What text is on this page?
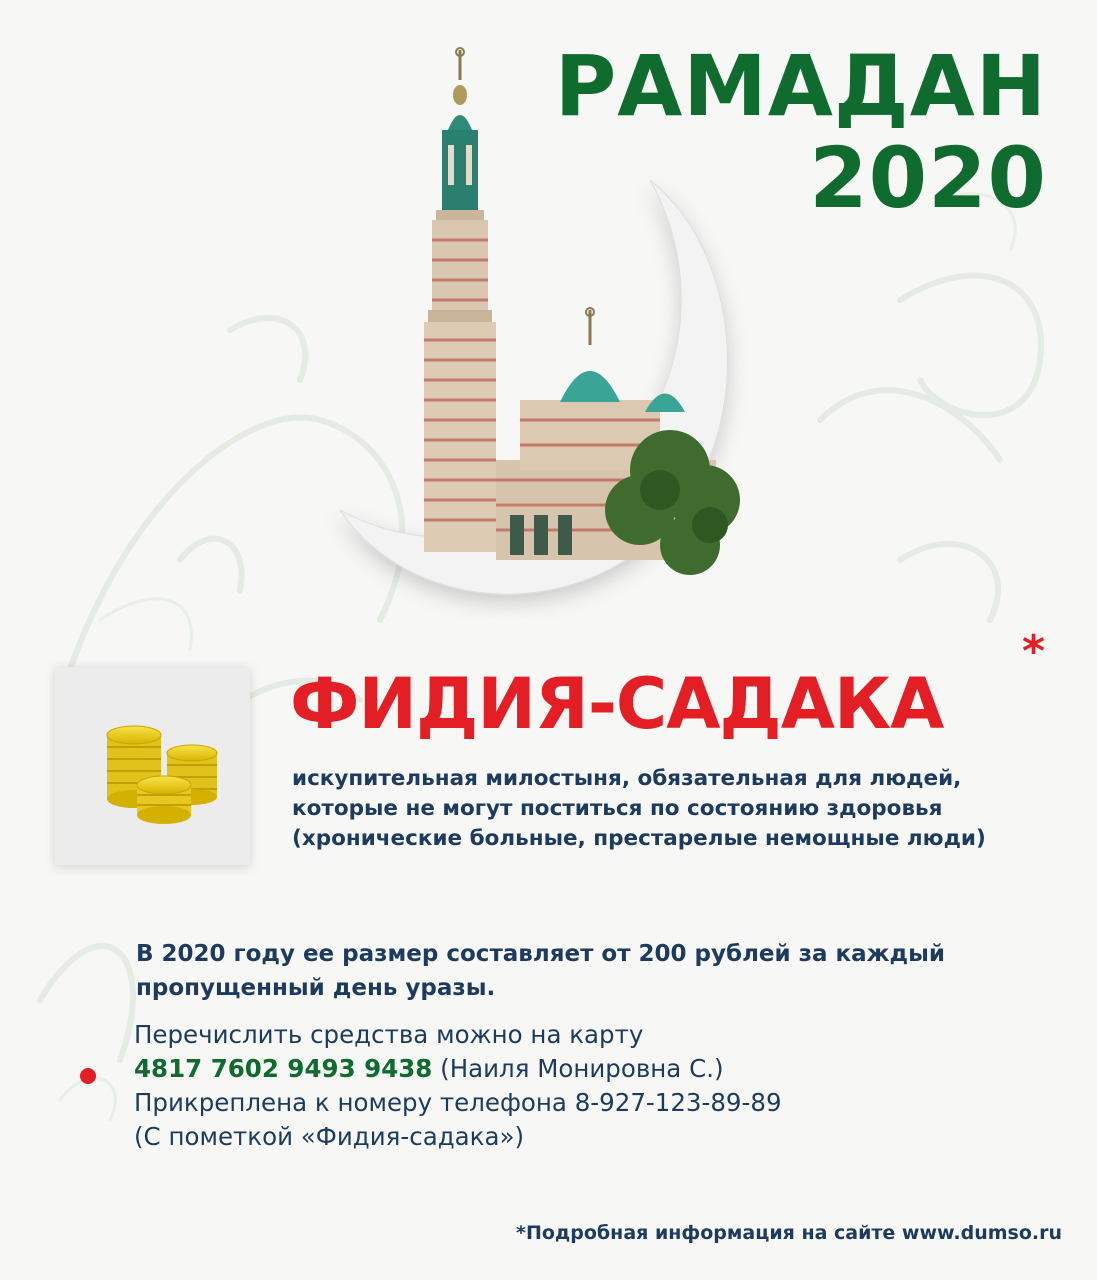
РАМАДАН
2020
ФИДИЯ-САДАКА
*
искупительная милостыня, обязательная для людей,
которые не могут поститься по состоянию здоровья
(хронические больные, престарелые немощные люди)
В 2020 году ее размер составляет от 200 рублей за каждый
пропущенный день уразы.
Перечислить средства можно на карту
4817 7602 9493 9438 (Наиля Монировна С.)
Прикреплена к номеру телефона 8-927-123-89-89
(С пометкой «Фидия-садака»)
*Подробная информация на сайте www.dumso.ru
